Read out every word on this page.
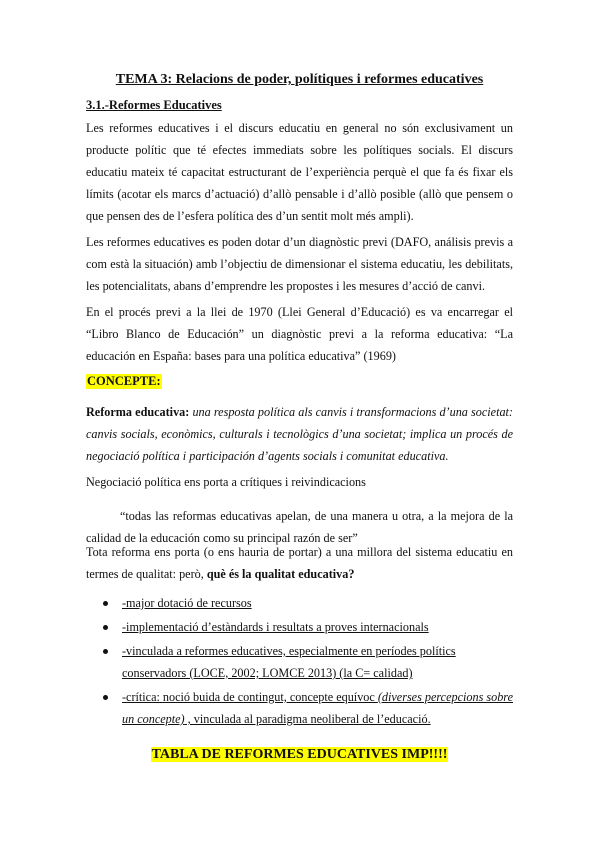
TEMA 3: Relacions de poder, polítiques i reformes educatives
3.1.-Reformes Educatives

Les reformes educatives i el discurs educatiu en general no són exclusivament un producte polític que té efectes immediats sobre les polítiques socials. El discurs educatiu mateix té capacitat estructurant de l’experiència perquè el que fa és fixar els límits (acotar els marcs d’actuació) d’allò pensable i d’allò posible (allò que pensem o que pensen des de l’esfera política des d’un sentit molt més ampli).

Les reformes educatives es poden dotar d’un diagnòstic previ (DAFO, análisis previs a com està la situación) amb l’objectiu de dimensionar el sistema educatiu, les debilitats, les potencialitats, abans d’emprendre les propostes i les mesures d’acció de canvi.

En el procés previ a la llei de 1970 (Llei General d’Educació) es va encarregar el “Libro Blanco de Educación” un diagnòstic previ a la reforma educativa: “La educación en España: bases para una política educativa” (1969)

CONCEPTE:

Reforma educativa: una resposta política als canvis i transformacions d’una societat: canvis socials, econòmics, culturals i tecnològics d’una societat; implica un procés de negociació política i participación d’agents socials i comunitat educativa.

Negociació política ens porta a crítiques i reivindicacions

“todas las reformas educativas apelan, de una manera u otra, a la mejora de la calidad de la educación como su principal razón de ser”

Tota reforma ens porta (o ens hauria de portar) a una millora del sistema educatiu en termes de qualitat: però, què és la qualitat educativa?

-major dotació de recursos
-implementació d’estàndards i resultats a proves internacionals
-vinculada a reformes educatives, especialmente en períodes polítics conservadors (LOCE, 2002; LOMCE 2013) (la C= calidad)
-crítica: noció buida de contingut, concepte equívoc (diverses percepcions sobre un concepte) , vinculada al paradigma neoliberal de l’educació.
TABLA DE REFORMES EDUCATIVES IMP!!!!
